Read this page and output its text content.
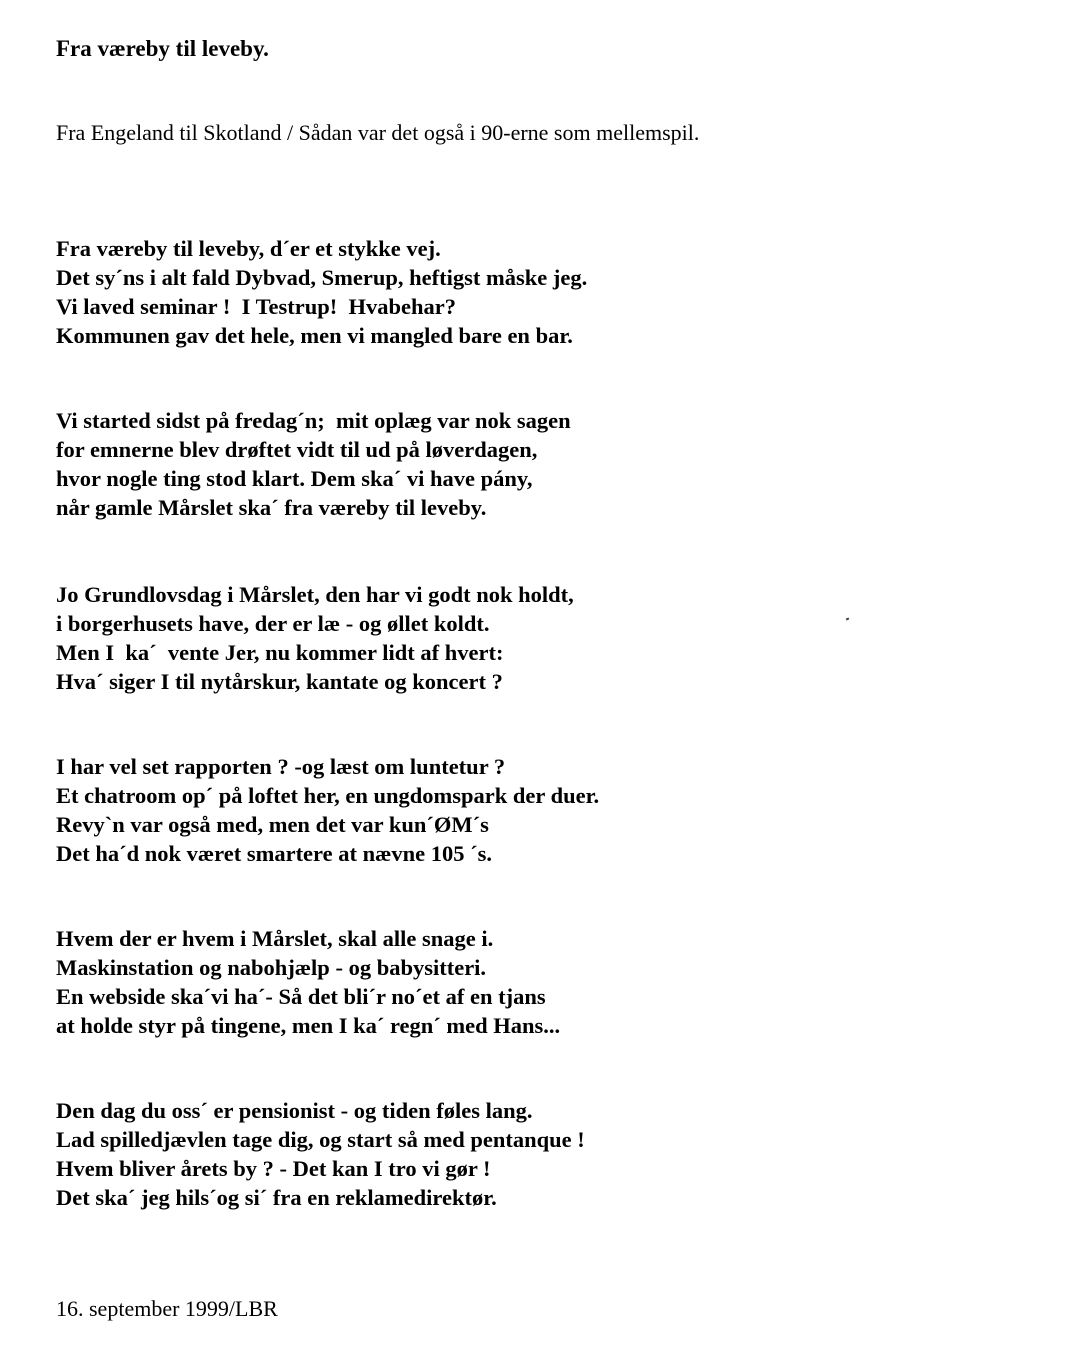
Fra væreby til leveby.
Fra Engeland til Skotland / Sådan var det også i 90-erne som mellemspil.
Fra væreby til leveby, d´er et stykke vej.
Det sy´ns i alt fald Dybvad, Smerup, heftigst måske jeg.
Vi laved seminar !  I Testrup!  Hvabehar?
Kommunen gav det hele, men vi mangled bare en bar.
Vi started sidst på fredag´n;  mit oplæg var nok sagen
for emnerne blev drøftet vidt til ud på løverdagen,
hvor nogle ting stod klart. Dem ska´ vi have pány,
når gamle Mårslet ska´ fra væreby til leveby.
Jo Grundlovsdag i Mårslet, den har vi godt nok holdt,
i borgerhusets have, der er læ - og øllet koldt.
Men I  ka´  vente Jer, nu kommer lidt af hvert:
Hva´ siger I til nytårskur, kantate og koncert ?
I har vel set rapporten ? -og læst om luntetur ?
Et chatroom op´ på loftet her, en ungdomspark der duer.
Revy`n var også med, men det var kun´ØM´s
Det ha´d nok været smartere at nævne 105 ´s.
Hvem der er hvem i Mårslet, skal alle snage i.
Maskinstation og nabohjælp - og babysitteri.
En webside ska´vi ha´- Så det bli´r no´et af en tjans
at holde styr på tingene, men I ka´ regn´ med Hans...
Den dag du oss´ er pensionist - og tiden føles lang.
Lad spilledjævlen tage dig, og start så med pentanque !
Hvem bliver årets by ? - Det kan I tro vi gør !
Det ska´ jeg hils´og si´ fra en reklamedirektør.
16. september 1999/LBR
